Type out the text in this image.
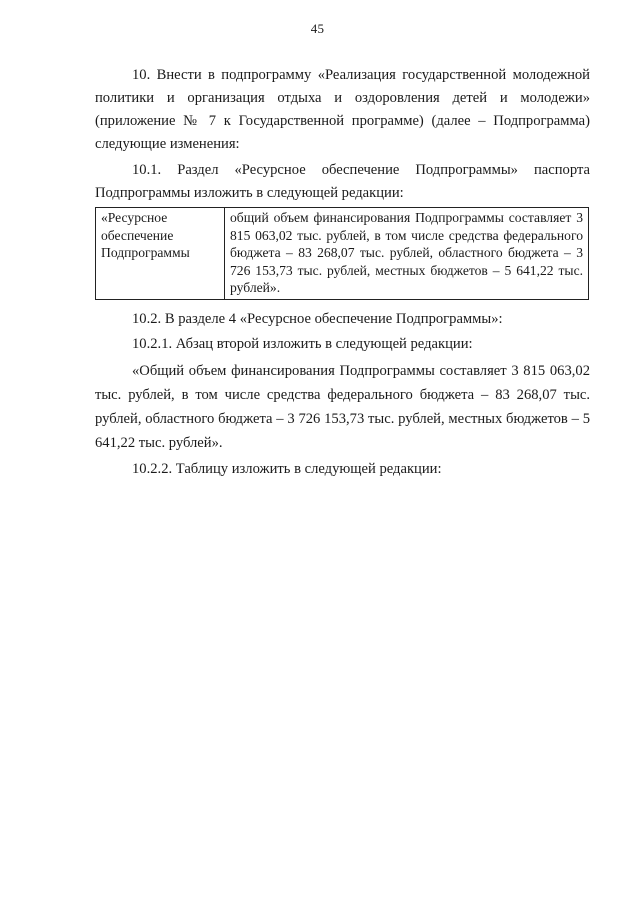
45

10. Внести в подпрограмму «Реализация государственной молодежной политики и организация отдыха и оздоровления детей и молодежи» (приложение № 7 к Государственной программе) (далее – Подпрограмма) следующие изменения:

10.1. Раздел «Ресурсное обеспечение Подпрограммы» паспорта Подпрограммы изложить в следующей редакции:

«Ресурсное обеспечение Подпрограммы	общий объем финансирования Подпрограммы составляет 3 815 063,02 тыс. рублей, в том числе средства федерального бюджета – 83 268,07 тыс. рублей, областного бюджета – 3 726 153,73 тыс. рублей, местных бюджетов – 5 641,22 тыс. рублей».

10.2. В разделе 4 «Ресурсное обеспечение Подпрограммы»:

10.2.1. Абзац второй изложить в следующей редакции:

«Общий объем финансирования Подпрограммы составляет 3 815 063,02 тыс. рублей, в том числе средства федерального бюджета – 83 268,07 тыс. рублей, областного бюджета – 3 726 153,73 тыс. рублей, местных бюджетов – 5 641,22 тыс. рублей».

10.2.2. Таблицу изложить в следующей редакции:
